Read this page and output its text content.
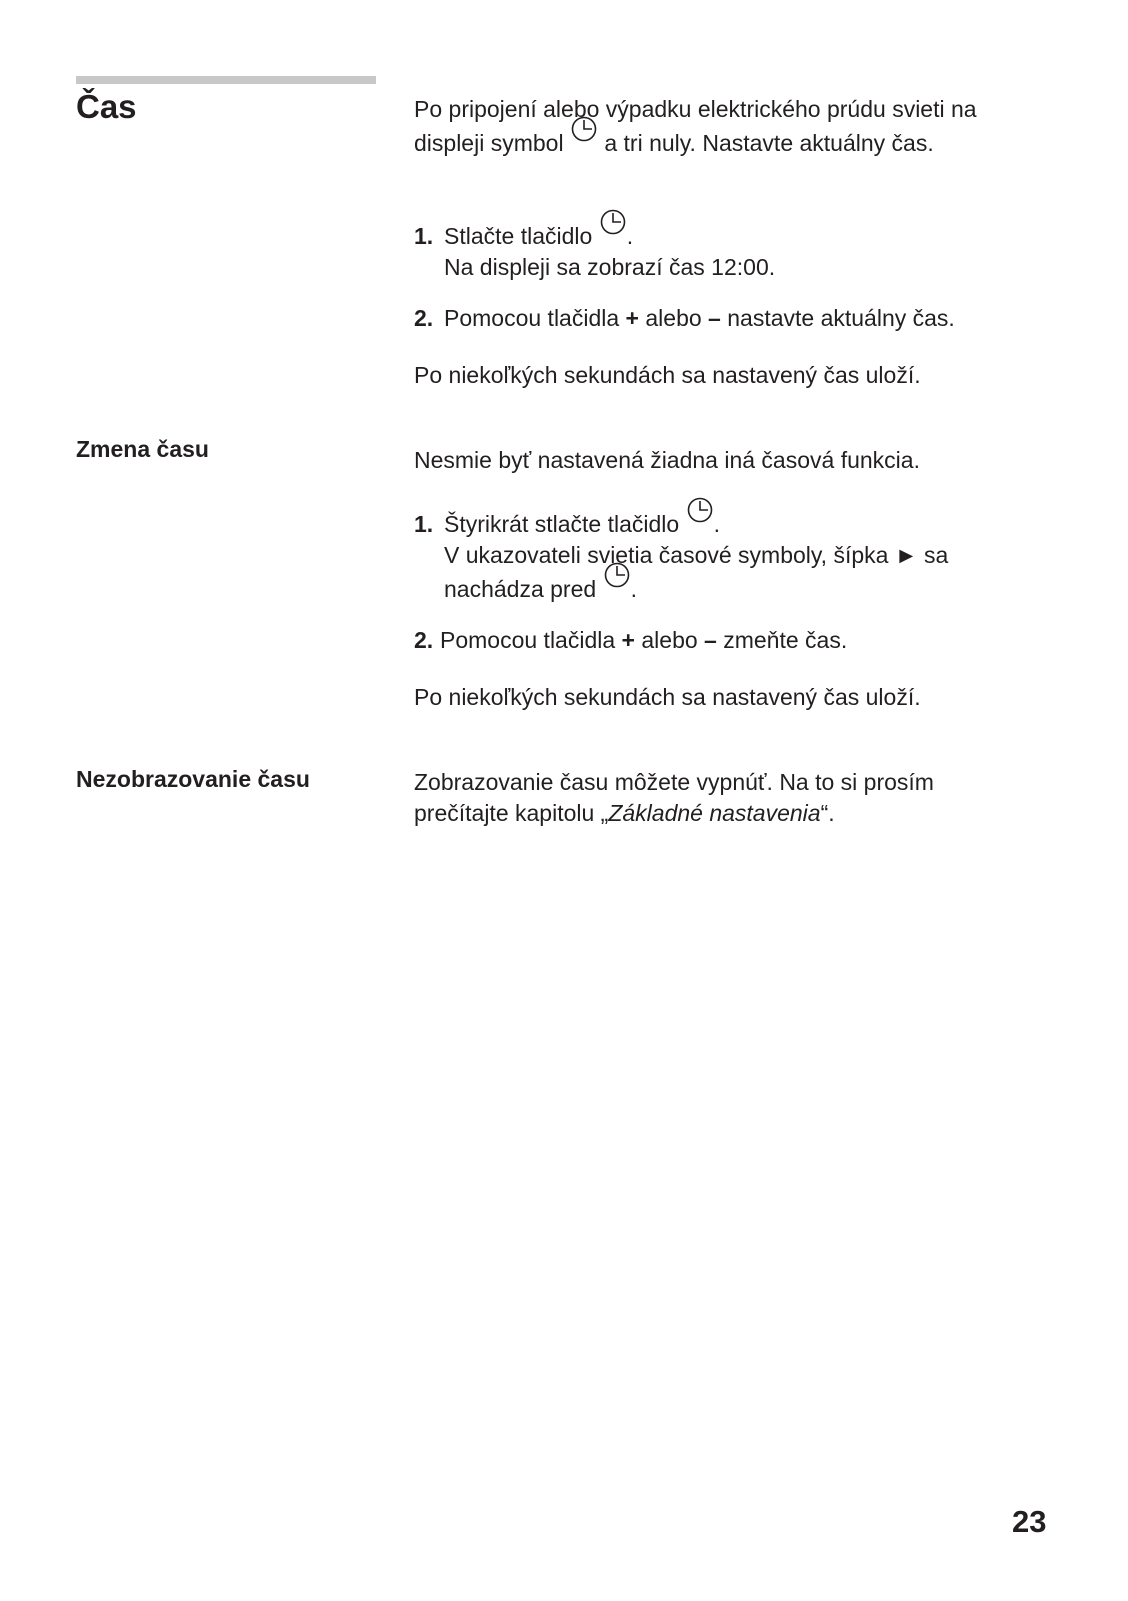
Čas	Po pripojení alebo výpadku elektrického prúdu svieti na
displeji symbol a tri nuly. Nastavte aktuálny čas.

1. Stlačte tlačidlo .
Na displeji sa zobrazí čas 12:00.
2. Pomocou tlačidla + alebo – nastavte aktuálny čas.

Po niekoľkých sekundách sa nastavený čas uloží.

Zmena času	Nesmie byť nastavená žiadna iná časová funkcia.

1. Štyrikrát stlačte tlačidlo .
V ukazovateli svietia časové symboly, šípka ► sa
nachádza pred .
2. Pomocou tlačidla + alebo – zmeňte čas.

Po niekoľkých sekundách sa nastavený čas uloží.

Nezobrazovanie času	Zobrazovanie času môžete vypnúť. Na to si prosím
prečítajte kapitolu „Základné nastavenia“.

23
